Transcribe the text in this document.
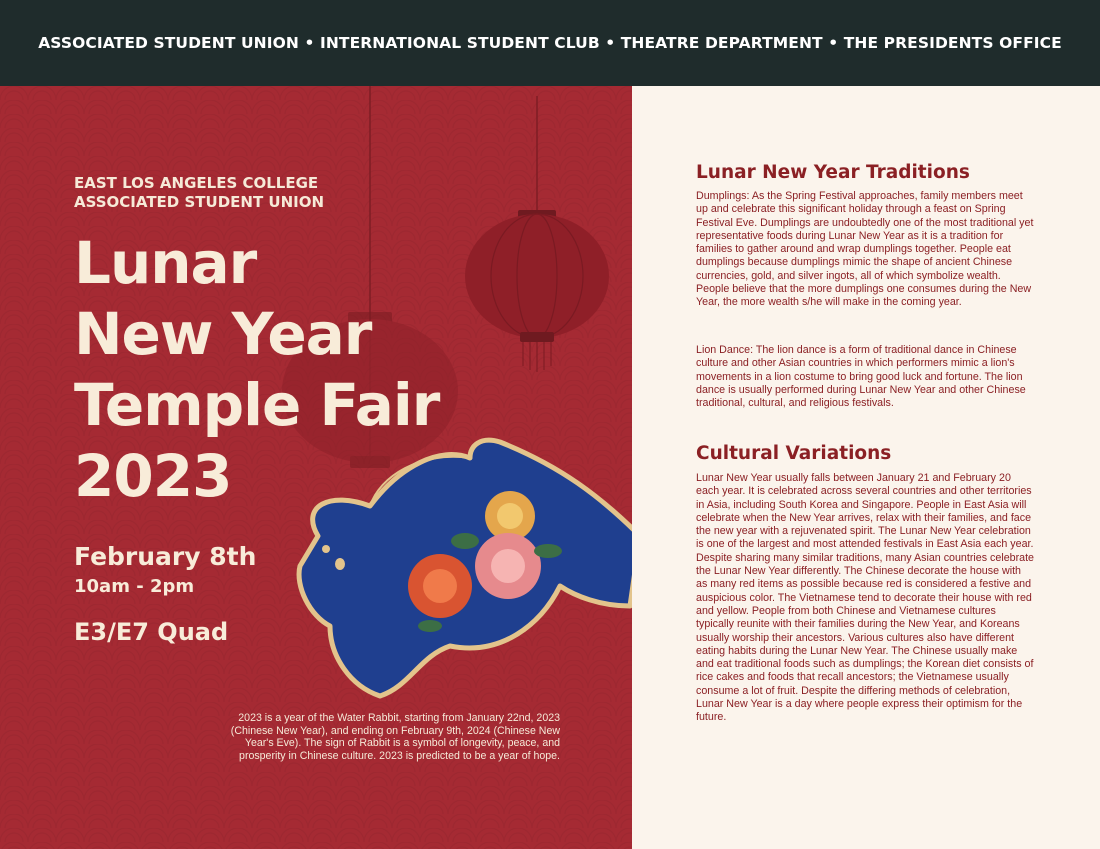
ASSOCIATED STUDENT UNION • INTERNATIONAL STUDENT CLUB • THEATRE DEPARTMENT • THE PRESIDENTS OFFICE
EAST LOS ANGELES COLLEGE
ASSOCIATED STUDENT UNION
Lunar
New Year
Temple Fair
2023
February 8th
10am - 2pm
E3/E7 Quad
2023 is a year of the Water Rabbit, starting from January 22nd, 2023 (Chinese New Year), and ending on February 9th, 2024 (Chinese New Year's Eve). The sign of Rabbit is a symbol of longevity, peace, and prosperity in Chinese culture. 2023 is predicted to be a year of hope.
Lunar New Year Traditions
Dumplings: As the Spring Festival approaches, family members meet up and celebrate this significant holiday through a feast on Spring Festival Eve. Dumplings are undoubtedly one of the most traditional yet representative foods during Lunar New Year as it is a tradition for families to gather around and wrap dumplings together. People eat dumplings because dumplings mimic the shape of ancient Chinese currencies, gold, and silver ingots, all of which symbolize wealth. People believe that the more dumplings one consumes during the New Year, the more wealth s/he will make in the coming year.
Lion Dance: The lion dance is a form of traditional dance in Chinese culture and other Asian countries in which performers mimic a lion's movements in a lion costume to bring good luck and fortune. The lion dance is usually performed during Lunar New Year and other Chinese traditional, cultural, and religious festivals.
Cultural Variations
Lunar New Year usually falls between January 21 and February 20 each year. It is celebrated across several countries and other territories in Asia, including South Korea and Singapore. People in East Asia will celebrate when the New Year arrives, relax with their families, and face the new year with a rejuvenated spirit. The Lunar New Year celebration is one of the largest and most attended festivals in East Asia each year. Despite sharing many similar traditions, many Asian countries celebrate the Lunar New Year differently. The Chinese decorate the house with as many red items as possible because red is considered a festive and auspicious color. The Vietnamese tend to decorate their house with red and yellow. People from both Chinese and Vietnamese cultures typically reunite with their families during the New Year, and Koreans usually worship their ancestors. Various cultures also have different eating habits during the Lunar New Year. The Chinese usually make and eat traditional foods such as dumplings; the Korean diet consists of rice cakes and foods that recall ancestors; the Vietnamese usually consume a lot of fruit. Despite the differing methods of celebration, Lunar New Year is a day where people express their optimism for the future.
